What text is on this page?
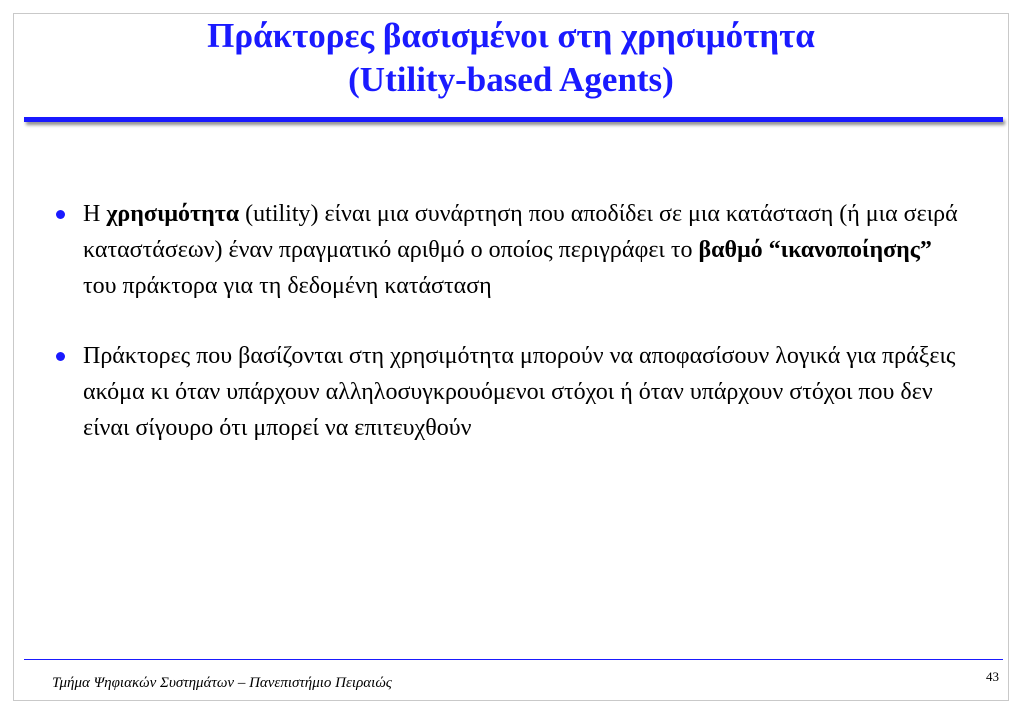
Πράκτορες βασισμένοι στη χρησιμότητα
(Utility-based Agents)
Η χρησιμότητα (utility) είναι μια συνάρτηση που αποδίδει σε μια κατάσταση (ή μια σειρά καταστάσεων) έναν πραγματικό αριθμό ο οποίος περιγράφει το βαθμό “ικανοποίησης” του πράκτορα για τη δεδομένη κατάσταση
Πράκτορες που βασίζονται στη χρησιμότητα μπορούν να αποφασίσουν λογικά για πράξεις ακόμα κι όταν υπάρχουν αλληλοσυγκρουόμενοι στόχοι ή όταν υπάρχουν στόχοι που δεν είναι σίγουρο ότι μπορεί να επιτευχθούν
Τμήμα Ψηφιακών Συστημάτων – Πανεπιστήμιο Πειραιώς	43
